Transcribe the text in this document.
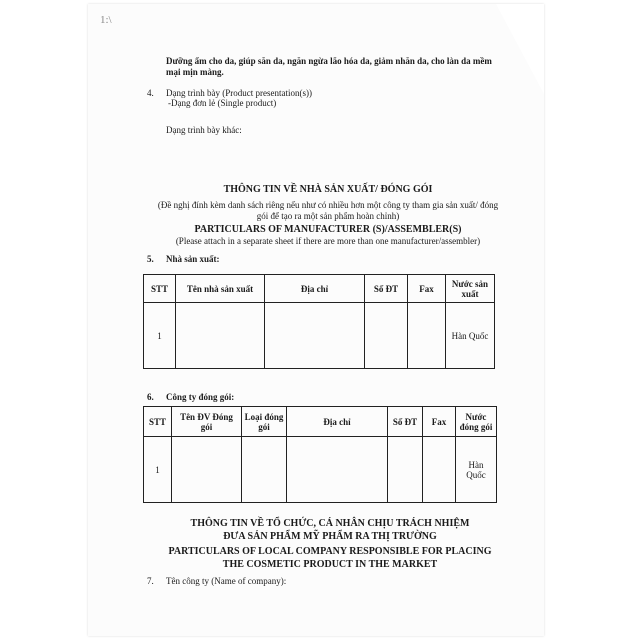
1:\
Dưỡng ẩm cho da, giúp săn da, ngăn ngừa lão hóa da, giảm nhăn da, cho làn da mềm
mại mịn màng.
4. Dạng trình bày (Product presentation(s))
-Dạng đơn lẻ (Single product)
Dạng trình bày khác:
THÔNG TIN VỀ NHÀ SẢN XUẤT/ ĐÓNG GÓI
(Đề nghị đính kèm danh sách riêng nếu như có nhiều hơn một công ty tham gia sản xuất/ đóng
gói để tạo ra một sản phẩm hoàn chỉnh)
PARTICULARS OF MANUFACTURER (S)/ASSEMBLER(S)
(Please attach in a separate sheet if there are more than one manufacturer/assembler)
5. Nhà sản xuất:
STT	Tên nhà sản xuất	Địa chỉ	Số ĐT	Fax	Nước sản
xuất
1					Hàn Quốc
6. Công ty đóng gói:
STT	Tên ĐV Đóng
gói	Loại đóng
gói	Địa chỉ	Số ĐT	Fax	Nước
đóng gói
1						Hàn Quốc
THÔNG TIN VỀ TỔ CHỨC, CÁ NHÂN CHỊU TRÁCH NHIỆM
ĐƯA SẢN PHẨM MỸ PHẨM RA THỊ TRƯỜNG
PARTICULARS OF LOCAL COMPANY RESPONSIBLE FOR PLACING
THE COSMETIC PRODUCT IN THE MARKET
7. Tên công ty (Name of company):
